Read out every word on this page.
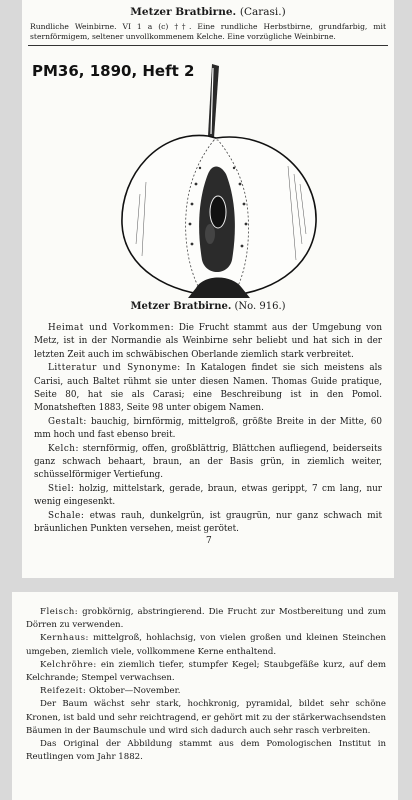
Metzer Bratbirne. (Carasi.)
Rundliche Weinbirne. VI 1 a (c) ††. Eine rundliche Herbstbirne, grundfarbig, mit sternförmigem, seltener unvollkommenem Kelche. Eine vorzügliche Weinbirne.
PM36, 1890, Heft 2
Metzer Bratbirne. (No. 916.)

Heimat und Vorkommen: Die Frucht stammt aus der Umgebung von Metz, ist in der Normandie als Weinbirne sehr beliebt und hat sich in der letzten Zeit auch im schwäbischen Oberlande ziemlich stark verbreitet.

Litteratur und Synonyme: In Katalogen findet sie sich meistens als Carisi, auch Baltet rühmt sie unter diesen Namen. Thomas Guide pratique, Seite 80, hat sie als Carasi; eine Beschreibung ist in den Pomol. Monatsheften 1883, Seite 98 unter obigem Namen.

Gestalt: bauchig, birnförmig, mittelgroß, größte Breite in der Mitte, 60 mm hoch und fast ebenso breit.

Kelch: sternförmig, offen, großblättrig, Blättchen aufliegend, beiderseits ganz schwach behaart, braun, an der Basis grün, in ziemlich weiter, schüsselförmiger Vertiefung.

Stiel: holzig, mittelstark, gerade, braun, etwas gerippt, 7 cm lang, nur wenig eingesenkt.

Schale: etwas rauh, dunkelgrün, ist graugrün, nur ganz schwach mit bräunlichen Punkten versehen, meist gerötet.

7

Fleisch: grobkörnig, abstringierend. Die Frucht zur Mostbereitung und zum Dörren zu verwenden.

Kernhaus: mittelgroß, hohlachsig, von vielen großen und kleinen Steinchen umgeben, ziemlich viele, vollkommene Kerne enthaltend.

Kelchröhre: ein ziemlich tiefer, stumpfer Kegel; Staubgefäße kurz, auf dem Kelchrande; Stempel verwachsen.

Reifezeit: Oktober—November.

Der Baum wächst sehr stark, hochkronig, pyramidal, bildet sehr schöne Kronen, ist bald und sehr reichtragend, er gehört mit zu der stärkerwachsendsten Bäumen in der Baumschule und wird sich dadurch auch sehr rasch verbreiten.

Das Original der Abbildung stammt aus dem Pomologischen Institut in Reutlingen vom Jahr 1882.
